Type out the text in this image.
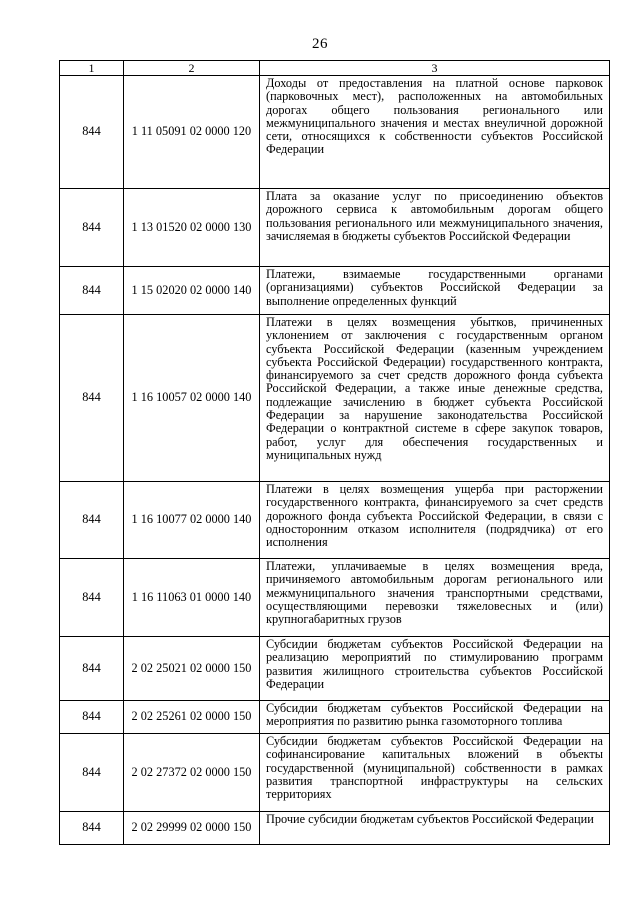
26
1	2	3
844	1 11 05091 02 0000 120	Доходы от предоставления на платной основе парковок (парковочных мест), расположенных на автомобильных дорогах общего пользования регионального или межмуниципального значения и местах внеуличной дорожной сети, относящихся к собственности субъектов Российской Федерации
844	1 13 01520 02 0000 130	Плата за оказание услуг по присоединению объектов дорожного сервиса к автомобильным дорогам общего пользования регионального или межмуниципального значения, зачисляемая в бюджеты субъектов Российской Федерации
844	1 15 02020 02 0000 140	Платежи, взимаемые государственными органами (организациями) субъектов Российской Федерации за выполнение определенных функций
844	1 16 10057 02 0000 140	Платежи в целях возмещения убытков, причиненных уклонением от заключения с государственным органом субъекта Российской Федерации (казенным учреждением субъекта Российской Федерации) государственного контракта, финансируемого за счет средств дорожного фонда субъекта Российской Федерации, а также иные денежные средства, подлежащие зачислению в бюджет субъекта Российской Федерации за нарушение законодательства Российской Федерации о контрактной системе в сфере закупок товаров, работ, услуг для обеспечения государственных и муниципальных нужд
844	1 16 10077 02 0000 140	Платежи в целях возмещения ущерба при расторжении государственного контракта, финансируемого за счет средств дорожного фонда субъекта Российской Федерации, в связи с односторонним отказом исполнителя (подрядчика) от его исполнения
844	1 16 11063 01 0000 140	Платежи, уплачиваемые в целях возмещения вреда, причиняемого автомобильным дорогам регионального или межмуниципального значения транспортными средствами, осуществляющими перевозки тяжеловесных и (или) крупногабаритных грузов
844	2 02 25021 02 0000 150	Субсидии бюджетам субъектов Российской Федерации на реализацию мероприятий по стимулированию программ развития жилищного строительства субъектов Российской Федерации
844	2 02 25261 02 0000 150	Субсидии бюджетам субъектов Российской Федерации на мероприятия по развитию рынка газомоторного топлива
844	2 02 27372 02 0000 150	Субсидии бюджетам субъектов Российской Федерации на софинансирование капитальных вложений в объекты государственной (муниципальной) собственности в рамках развития транспортной инфраструктуры на сельских территориях
844	2 02 29999 02 0000 150	Прочие субсидии бюджетам субъектов Российской Федерации
